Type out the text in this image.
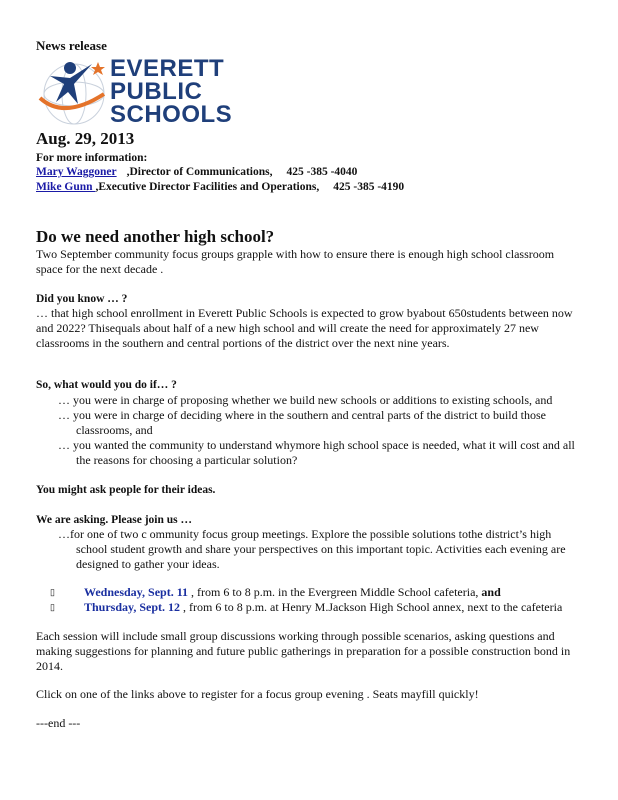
News release
EVERETT
PUBLIC
SCHOOLS
Aug. 29, 2013
For more information:
Mary Waggoner ,Director of Communications, 425 -385 -4040
Mike Gunn ,Executive Director Facilities and Operations, 425 -385 -4190
Do we need another high school?
Two September community focus groups grapple with how to ensure there is enough high school classroom space for the next decade .
Did you know … ?
… that high school enrollment in Everett Public Schools is expected to grow byabout 650students between now and 2022? Thisequals about half of a new high school and will create the need for approximately 27 new classrooms in the southern and central portions of the district over the next nine years.
So, what would you do if… ?

… you were in charge of proposing whether we build new schools or additions to existing schools, and

… you were in charge of deciding where in the southern and central parts of the district to build those classrooms, and

… you wanted the community to understand whymore high school space is needed, what it will cost and all the reasons for choosing a particular solution?

You might ask people for their ideas.
We are asking. Please join us …

…for one of two c ommunity focus group meetings. Explore the possible solutions tothe district’s high school student growth and share your perspectives on this important topic. Activities each evening are designed to gather your ideas.

▯	Wednesday, Sept. 11 , from 6 to 8 p.m. in the Evergreen Middle School cafeteria, and
▯	Thursday, Sept. 12 , from 6 to 8 p.m. at Henry M.Jackson High School annex, next to the cafeteria
Each session will include small group discussions working through possible scenarios, asking questions and making suggestions for planning and future public gatherings in preparation for a possible construction bond in 2014.
Click on one of the links above to register for a focus group evening . Seats mayfill quickly!
---end ---
